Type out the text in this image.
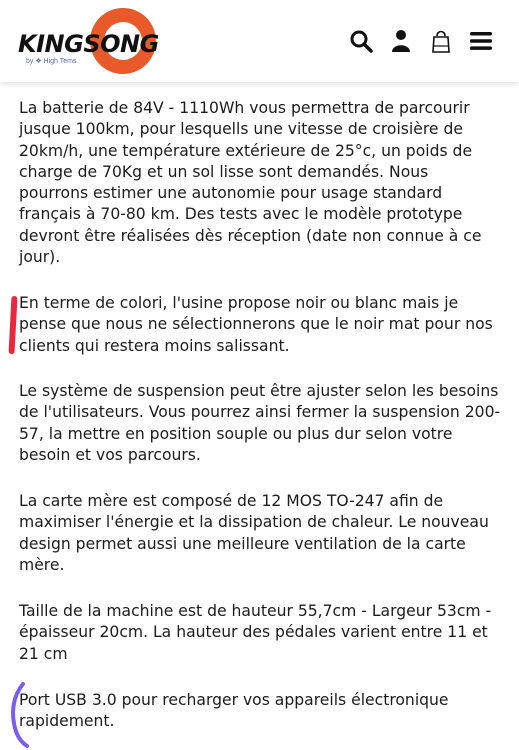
KINGSONG
by ❖ High Tems
La batterie de 84V - 1110Wh vous permettra de parcourir jusque 100km, pour lesquells une vitesse de croisière de 20km/h, une température extérieure de 25°c, un poids de charge de 70Kg et un sol lisse sont demandés. Nous pourrons estimer une autonomie pour usage standard français à 70-80 km. Des tests avec le modèle prototype devront être réalisées dès réception (date non connue à ce jour).
En terme de colori, l'usine propose noir ou blanc mais je pense que nous ne sélectionnerons que le noir mat pour nos clients qui restera moins salissant.
Le système de suspension peut être ajuster selon les besoins de l'utilisateurs. Vous pourrez ainsi fermer la suspension 200-57, la mettre en position souple ou plus dur selon votre besoin et vos parcours.
La carte mère est composé de 12 MOS TO-247 afin de maximiser l'énergie et la dissipation de chaleur. Le nouveau design permet aussi une meilleure ventilation de la carte mère.
Taille de la machine est de hauteur 55,7cm - Largeur 53cm - épaisseur 20cm. La hauteur des pédales varient entre 11 et 21 cm
Port USB 3.0 pour recharger vos appareils électronique rapidement.
